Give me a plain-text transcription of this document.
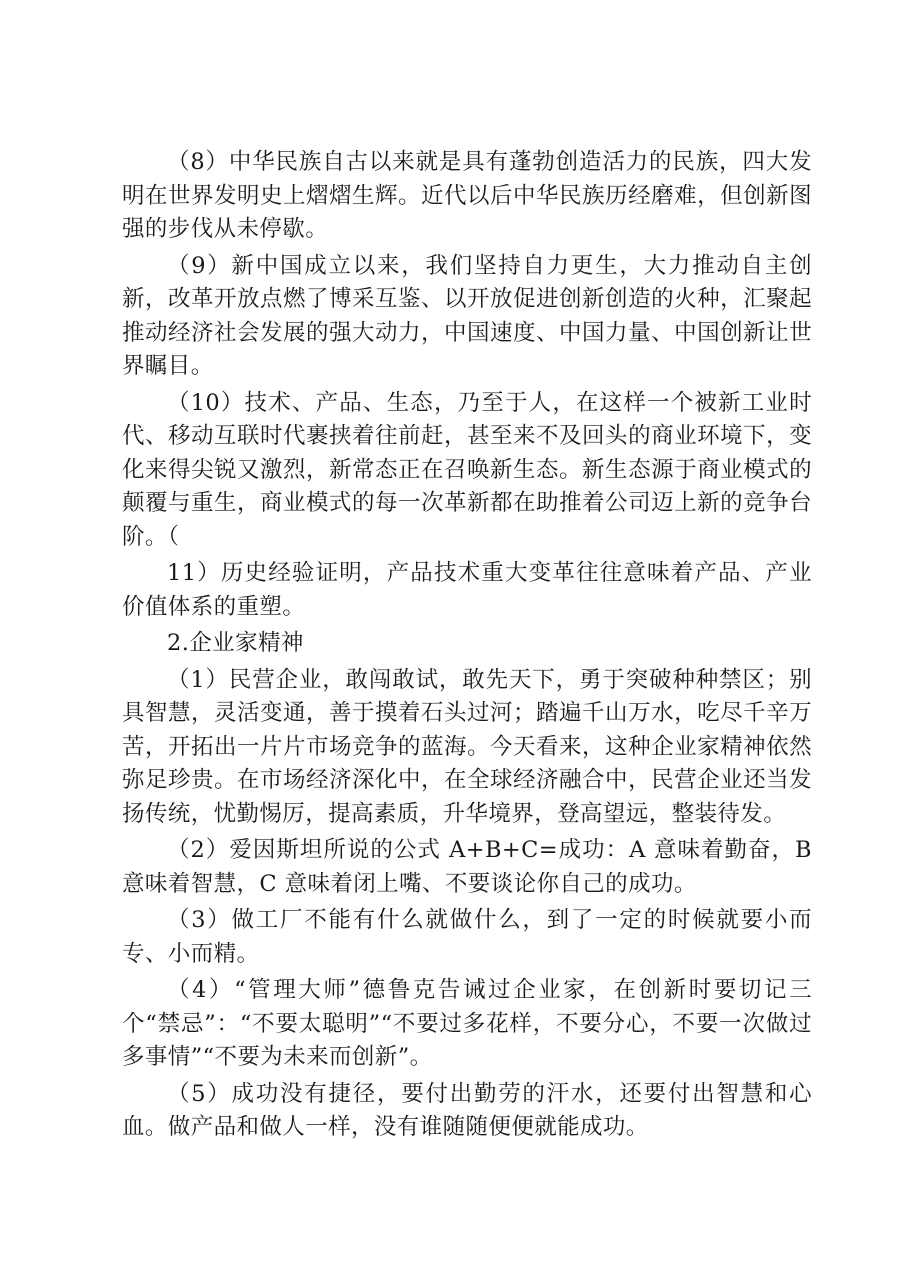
（8）中华民族自古以来就是具有蓬勃创造活力的民族，四大发明在世界发明史上熠熠生辉。近代以后中华民族历经磨难，但创新图强的步伐从未停歇。

（9）新中国成立以来，我们坚持自力更生，大力推动自主创新，改革开放点燃了博采互鉴、以开放促进创新创造的火种，汇聚起推动经济社会发展的强大动力，中国速度、中国力量、中国创新让世界瞩目。

（10）技术、产品、生态，乃至于人，在这样一个被新工业时代、移动互联时代裹挟着往前赶，甚至来不及回头的商业环境下，变化来得尖锐又激烈，新常态正在召唤新生态。新生态源于商业模式的颠覆与重生，商业模式的每一次革新都在助推着公司迈上新的竞争台阶。（

11）历史经验证明，产品技术重大变革往往意味着产品、产业价值体系的重塑。

2.企业家精神

（1）民营企业，敢闯敢试，敢先天下，勇于突破种种禁区；别具智慧，灵活变通，善于摸着石头过河；踏遍千山万水，吃尽千辛万苦，开拓出一片片市场竞争的蓝海。今天看来，这种企业家精神依然弥足珍贵。在市场经济深化中，在全球经济融合中，民营企业还当发扬传统，忧勤惕厉，提高素质，升华境界，登高望远，整装待发。

（2）爱因斯坦所说的公式 A+B+C=成功：A 意味着勤奋，B 意味着智慧，C 意味着闭上嘴、不要谈论你自己的成功。

（3）做工厂不能有什么就做什么，到了一定的时候就要小而专、小而精。

（4）“管理大师”德鲁克告诫过企业家，在创新时要切记三个“禁忌”：“不要太聪明”“不要过多花样，不要分心，不要一次做过多事情”“不要为未来而创新”。

（5）成功没有捷径，要付出勤劳的汗水，还要付出智慧和心血。做产品和做人一样，没有谁随随便便就能成功。
